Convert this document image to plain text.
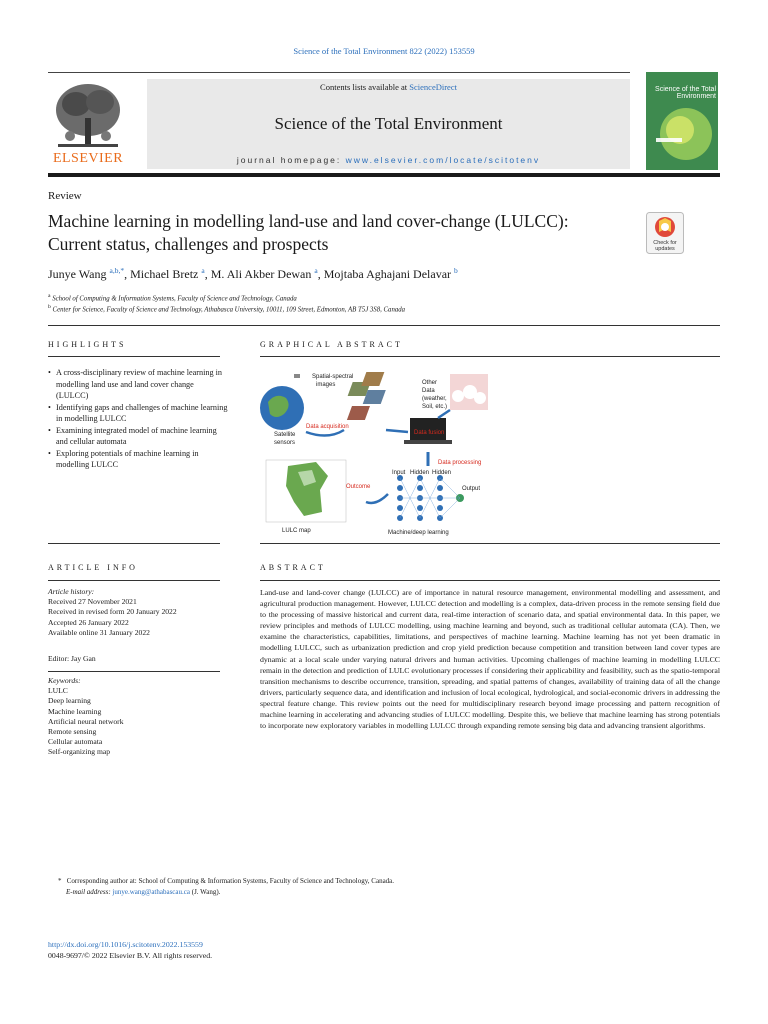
Science of the Total Environment 822 (2022) 153559
ELSEVIER
Contents lists available at ScienceDirect
Science of the Total Environment
journal homepage: www.elsevier.com/locate/scitotenv
Science of the Total Environment
Review
Machine learning in modelling land-use and land cover-change (LULCC): Current status, challenges and prospects	Check for updates
Junye Wang $^{a,b,*}$, Michael Bretz $^a$, M. Ali Akber Dewan $^a$, Mojtaba Aghajani Delavar $^b$
$^a$ School of Computing & Information Systems, Faculty of Science and Technology, Canada
$^b$ Center for Science, Faculty of Science and Technology, Athabasca University, 10011, 109 Street, Edmonton, AB T5J 3S8, Canada
HIGHLIGHTS
• A cross-disciplinary review of machine learning in modelling land use and land cover change (LULCC)
• Identifying gaps and challenges of machine learning in modelling LULCC
• Examining integrated model of machine learning and cellular automata
• Exploring potentials of machine learning in modelling LULCC
GRAPHICAL ABSTRACT
Spatial-spectral
images	Other
Data
(weather,
Soil, etc.)
Satellite
sensors
Input Hidden Hidden
Output
LULC map	Machine/deep learning
Data acquisition
Data fusion
Data processing
Outcome
ARTICLE INFO
Article history:
Received 27 November 2021
Received in revised form 20 January 2022
Accepted 26 January 2022
Available online 31 January 2022
Editor: Jay Gan
Keywords:
LULC
Deep learning
Machine learning
Artificial neural network
Remote sensing
Cellular automata
Self-organizing map
ABSTRACT
Land-use and land-cover change (LULCC) are of importance in natural resource management, environmental modelling and assessment, and agricultural production management. However, LULCC detection and modelling is a complex, data-driven process in the remote sensing field due to the processing of massive historical and current data, real-time interaction of scenario data, and spatial environmental data. In this paper, we review principles and methods of LULCC modelling, using machine learning and beyond, such as traditional cellular automata (CA). Then, we examine the characteristics, capabilities, limitations, and perspectives of machine learning. Machine learning has not yet been dramatic in modelling LULCC, such as urbanization prediction and crop yield prediction because competition and transition between land cover types are dynamic at a local scale under varying natural drivers and human activities. Upcoming challenges of machine learning in modelling LULCC remain in the detection and prediction of LULC evolutionary processes if considering their applicability and feasibility, such as the spatio-temporal transition mechanisms to describe occurrence, transition, spreading, and spatial patterns of changes, availability of training data of all the change drivers, particularly sequence data, and identification and inclusion of local ecological, hydrological, and social-economic drivers in addressing the spectral feature change. This review points out the need for multidisciplinary research beyond image processing and pattern recognition of machine learning in accelerating and advancing studies of LULCC modelling. Despite this, we believe that machine learning has strong potentials to incorporate new exploratory variables in modelling LULCC through expanding remote sensing big data and advancing transient algorithms.
* Corresponding author at: School of Computing & Information Systems, Faculty of Science and Technology, Canada.
E-mail address: junye.wang@athabascau.ca (J. Wang).
http://dx.doi.org/10.1016/j.scitotenv.2022.153559
0048-9697/© 2022 Elsevier B.V. All rights reserved.
